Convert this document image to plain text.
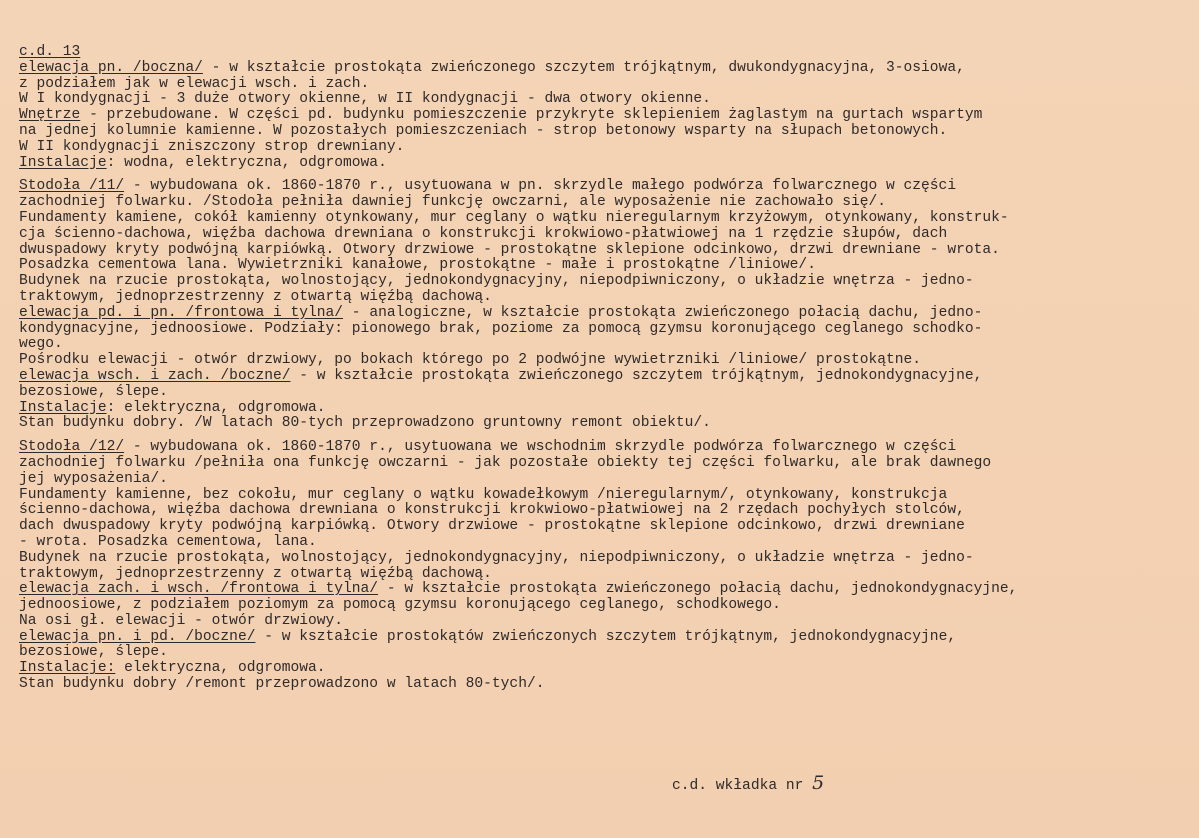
c.d. 13
elewacja pn. /boczna/ - w kształcie prostokąta zwieńczonego szczytem trójkątnym, dwukondygnacyjna, 3-osiowa,
z podziałem jak w elewacji wsch. i zach.
W I kondygnacji - 3 duże otwory okienne, w II kondygnacji - dwa otwory okienne.
Wnętrze - przebudowane. W części pd. budynku pomieszczenie przykryte sklepieniem żaglastym na gurtach wspartym
na jednej kolumnie kamienne. W pozostałych pomieszczeniach - strop betonowy wsparty na słupach betonowych.
W II kondygnacji zniszczony strop drewniany.
Instalacje: wodna, elektryczna, odgromowa.
Stodoła /11/ - wybudowana ok. 1860-1870 r., usytuowana w pn. skrzydle małego podwórza folwarcznego w części
zachodniej folwarku. /Stodoła pełniła dawniej funkcję owczarni, ale wyposażenie nie zachowało się/.
Fundamenty kamiene, cokół kamienny otynkowany, mur ceglany o wątku nieregularnym krzyżowym, otynkowany, konstruk-
cja ścienno-dachowa, więźba dachowa drewniana o konstrukcji krokwiowo-płatwiowej na 1 rzędzie słupów, dach
dwuspadowy kryty podwójną karpiówką. Otwory drzwiowe - prostokątne sklepione odcinkowo, drzwi drewniane - wrota.
Posadzka cementowa lana. Wywietrzniki kanałowe, prostokątne - małe i prostokątne /liniowe/.
Budynek na rzucie prostokąta, wolnostojący, jednokondygnacyjny, niepodpiwniczony, o układzie wnętrza - jedno-
traktowym, jednoprzestrzenny z otwartą więźbą dachową.
elewacja pd. i pn. /frontowa i tylna/ - analogiczne, w kształcie prostokąta zwieńczonego połacią dachu, jedno-
kondygnacyjne, jednoosiowe. Podziały: pionowego brak, poziome za pomocą gzymsu koronującego ceglanego schodko-
wego.
Pośrodku elewacji - otwór drzwiowy, po bokach którego po 2 podwójne wywietrzniki /liniowe/ prostokątne.
elewacja wsch. i zach. /boczne/ - w kształcie prostokąta zwieńczonego szczytem trójkątnym, jednokondygnacyjne,
bezosiowe, ślepe.
Instalacje: elektryczna, odgromowa.
Stan budynku dobry. /W latach 80-tych przeprowadzono gruntowny remont obiektu/.
Stodoła /12/ - wybudowana ok. 1860-1870 r., usytuowana we wschodnim skrzydle podwórza folwarcznego w części
zachodniej folwarku /pełniła ona funkcję owczarni - jak pozostałe obiekty tej części folwarku, ale brak dawnego
jej wyposażenia/.
Fundamenty kamienne, bez cokołu, mur ceglany o wątku kowadełkowym /nieregularnym/, otynkowany, konstrukcja
ścienno-dachowa, więźba dachowa drewniana o konstrukcji krokwiowo-płatwiowej na 2 rzędach pochyłych stolców,
dach dwuspadowy kryty podwójną karpiówką. Otwory drzwiowe - prostokątne sklepione odcinkowo, drzwi drewniane
- wrota. Posadzka cementowa, lana.
Budynek na rzucie prostokąta, wolnostojący, jednokondygnacyjny, niepodpiwniczony, o układzie wnętrza - jedno-
traktowym, jednoprzestrzenny z otwartą więźbą dachową.
elewacja zach. i wsch. /frontowa i tylna/ - w kształcie prostokąta zwieńczonego połacią dachu, jednokondygnacyjne,
jednoosiowe, z podziałem poziomym za pomocą gzymsu koronującego ceglanego, schodkowego.
Na osi gł. elewacji - otwór drzwiowy.
elewacja pn. i pd. /boczne/ - w kształcie prostokątów zwieńczonych szczytem trójkątnym, jednokondygnacyjne,
bezosiowe, ślepe.
Instalacje: elektryczna, odgromowa.
Stan budynku dobry /remont przeprowadzono w latach 80-tych/.
c.d. wkładka nr 5
